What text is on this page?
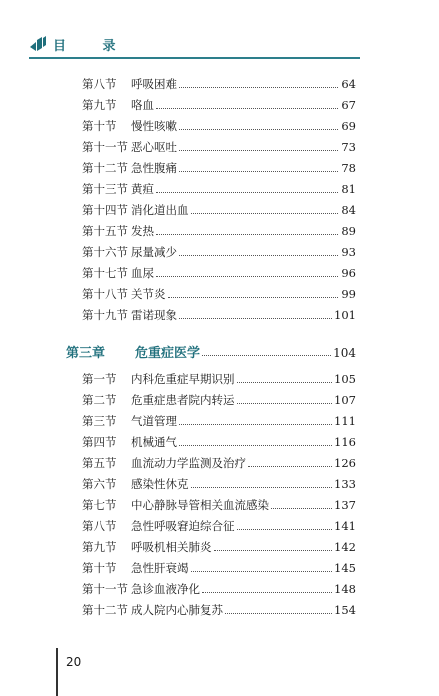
目 录
第八节	呼吸困难	64
第九节	咯血	67
第十节	慢性咳嗽	69
第十一节 恶心呕吐	73
第十二节 急性腹痛	78
第十三节 黄疸	81
第十四节 消化道出血	84
第十五节 发热	89
第十六节 尿量减少	93
第十七节 血尿	96
第十八节 关节炎	99
第十九节 雷诺现象	101
第三章	危重症医学	104
第一节	内科危重症早期识别	105
第二节	危重症患者院内转运	107
第三节	气道管理	111
第四节	机械通气	116
第五节	血流动力学监测及治疗	126
第六节	感染性休克	133
第七节	中心静脉导管相关血流感染	137
第八节	急性呼吸窘迫综合征	141
第九节	呼吸机相关肺炎	142
第十节	急性肝衰竭	145
第十一节 急诊血液净化	148
第十二节 成人院内心肺复苏	154
20
